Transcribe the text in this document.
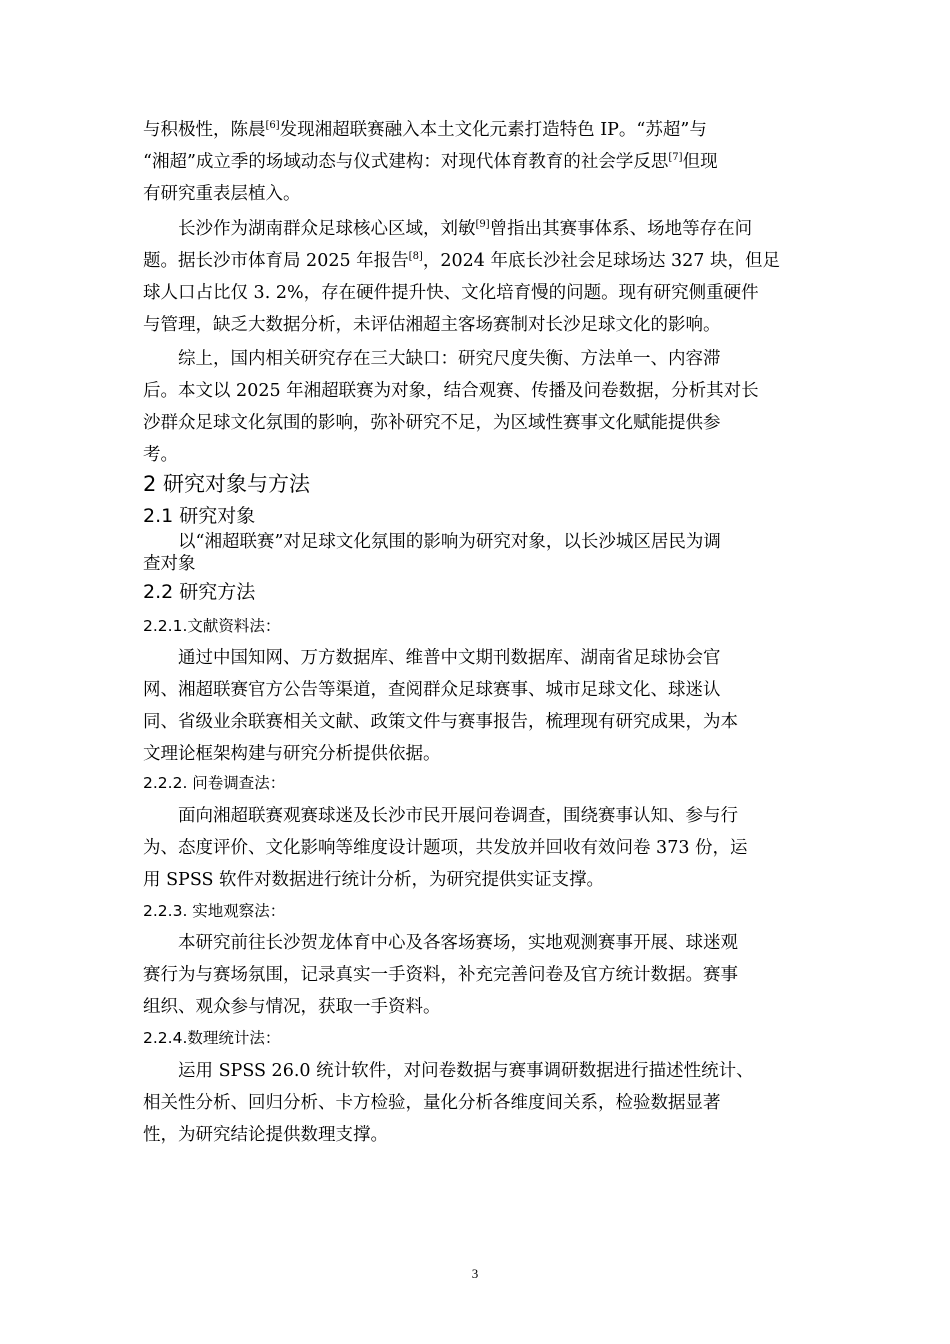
与积极性，陈晨[6]发现湘超联赛融入本土文化元素打造特色 IP。“苏超”与
“湘超”成立季的场域动态与仪式建构：对现代体育教育的社会学反思[7]但现
有研究重表层植入。
长沙作为湖南群众足球核心区域，刘敏[9]曾指出其赛事体系、场地等存在问
题。据长沙市体育局 2025 年报告[8]，2024 年底长沙社会足球场达 327 块，但足
球人口占比仅 3. 2%，存在硬件提升快、文化培育慢的问题。现有研究侧重硬件
与管理，缺乏大数据分析，未评估湘超主客场赛制对长沙足球文化的影响。
综上，国内相关研究存在三大缺口：研究尺度失衡、方法单一、内容滞
后。本文以 2025 年湘超联赛为对象，结合观赛、传播及问卷数据，分析其对长
沙群众足球文化氛围的影响，弥补研究不足，为区域性赛事文化赋能提供参
考。
2 研究对象与方法
2.1 研究对象
以“湘超联赛”对足球文化氛围的影响为研究对象，以长沙城区居民为调
查对象
2.2 研究方法
2.2.1.文献资料法：
通过中国知网、万方数据库、维普中文期刊数据库、湖南省足球协会官
网、湘超联赛官方公告等渠道，查阅群众足球赛事、城市足球文化、球迷认
同、省级业余联赛相关文献、政策文件与赛事报告，梳理现有研究成果，为本
文理论框架构建与研究分析提供依据。
2.2.2. 问卷调查法：
面向湘超联赛观赛球迷及长沙市民开展问卷调查，围绕赛事认知、参与行
为、态度评价、文化影响等维度设计题项，共发放并回收有效问卷 373 份，运
用 SPSS 软件对数据进行统计分析，为研究提供实证支撑。
2.2.3. 实地观察法：
本研究前往长沙贺龙体育中心及各客场赛场，实地观测赛事开展、球迷观
赛行为与赛场氛围，记录真实一手资料，补充完善问卷及官方统计数据。赛事
组织、观众参与情况，获取一手资料。
2.2.4.数理统计法：
运用 SPSS 26.0 统计软件，对问卷数据与赛事调研数据进行描述性统计、
相关性分析、回归分析、卡方检验，量化分析各维度间关系，检验数据显著
性，为研究结论提供数理支撑。
3
